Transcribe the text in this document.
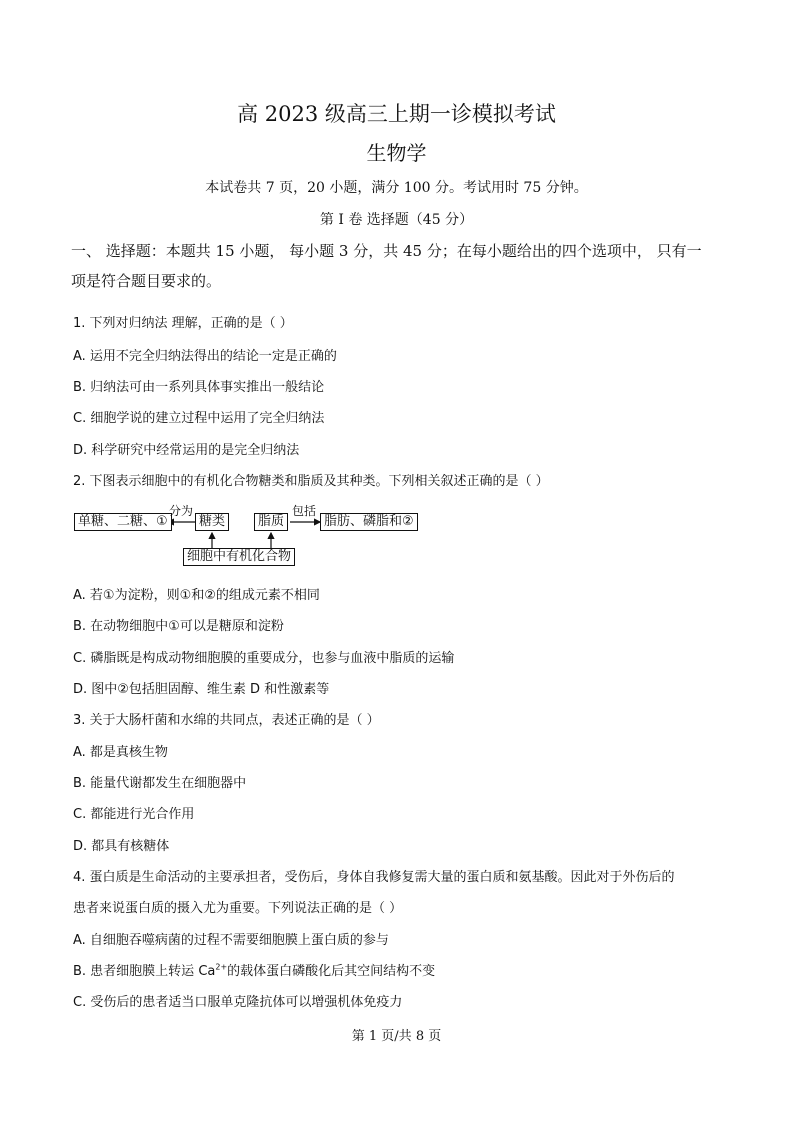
高 2023 级高三上期一诊模拟考试
生物学
本试卷共 7 页，20 小题，满分 100 分。考试用时 75 分钟。
第 I 卷 选择题（45 分）
一、 选择题：本题共 15 小题， 每小题 3 分，共 45 分；在每小题给出的四个选项中， 只有一
项是符合题目要求的。
1. 下列对归纳法 理解，正确的是（ ）
A. 运用不完全归纳法得出的结论一定是正确的
B. 归纳法可由一系列具体事实推出一般结论
C. 细胞学说的建立过程中运用了完全归纳法
D. 科学研究中经常运用的是完全归纳法
2. 下图表示细胞中的有机化合物糖类和脂质及其种类。下列相关叙述正确的是（ ）
单糖、二糖、①
分为
糖类	脂质
包括
脂肪、磷脂和②
细胞中有机化合物
A. 若①为淀粉，则①和②的组成元素不相同
B. 在动物细胞中①可以是糖原和淀粉
C. 磷脂既是构成动物细胞膜的重要成分，也参与血液中脂质的运输
D. 图中②包括胆固醇、维生素 D 和性激素等
3. 关于大肠杆菌和水绵的共同点，表述正确的是（ ）
A. 都是真核生物
B. 能量代谢都发生在细胞器中
C. 都能进行光合作用
D. 都具有核糖体
4. 蛋白质是生命活动的主要承担者，受伤后，身体自我修复需大量的蛋白质和氨基酸。因此对于外伤后的
患者来说蛋白质的摄入尤为重要。下列说法正确的是（ ）
A. 自细胞吞噬病菌的过程不需要细胞膜上蛋白质的参与
B. 患者细胞膜上转运 $Ca^{2+}$的载体蛋白磷酸化后其空间结构不变
C. 受伤后的患者适当口服单克隆抗体可以增强机体免疫力
第 1 页/共 8 页
